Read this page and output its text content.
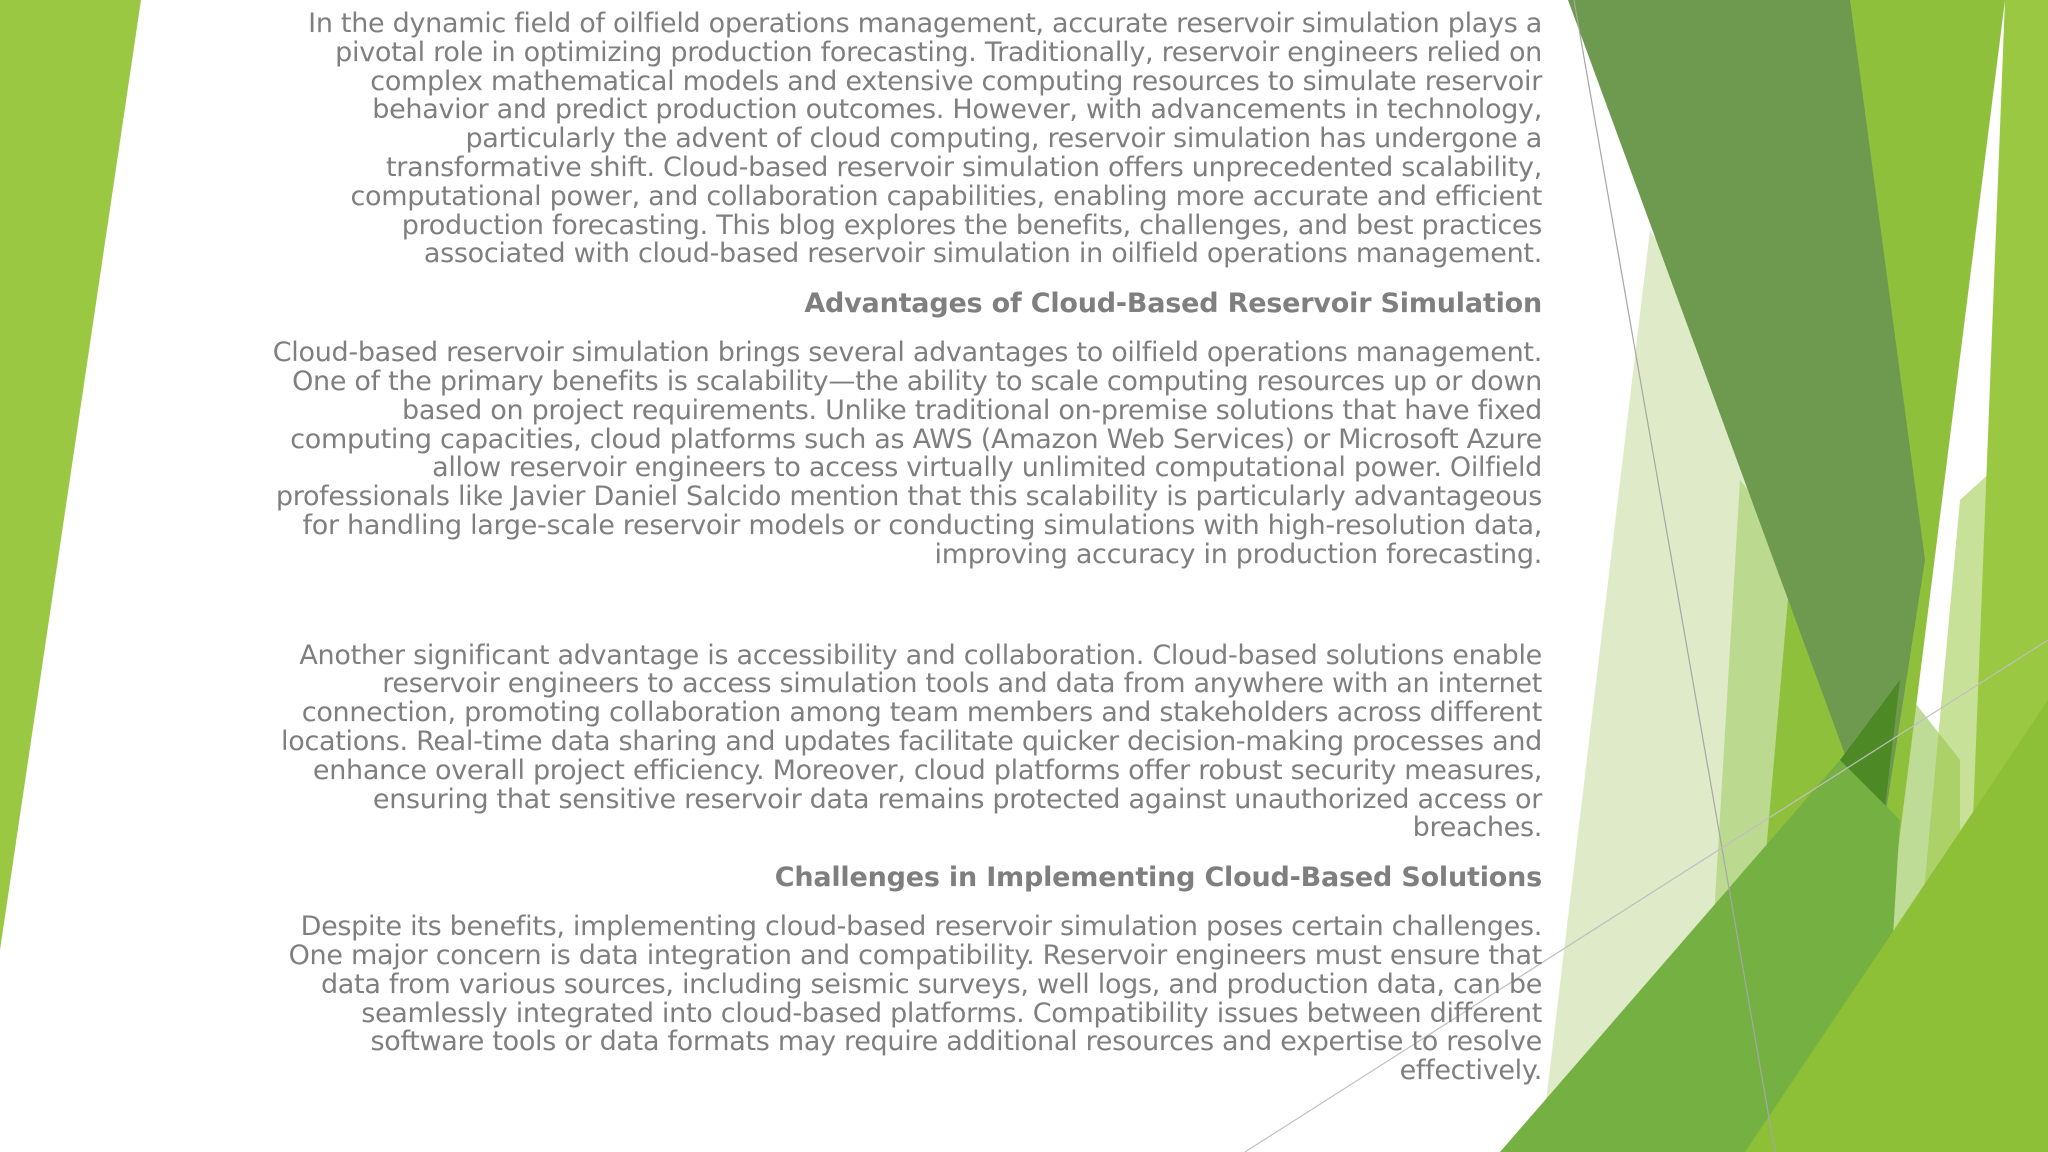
In the dynamic field of oilfield operations management, accurate reservoir simulation plays a pivotal role in optimizing production forecasting. Traditionally, reservoir engineers relied on complex mathematical models and extensive computing resources to simulate reservoir behavior and predict production outcomes. However, with advancements in technology, particularly the advent of cloud computing, reservoir simulation has undergone a transformative shift. Cloud-based reservoir simulation offers unprecedented scalability, computational power, and collaboration capabilities, enabling more accurate and efficient production forecasting. This blog explores the benefits, challenges, and best practices associated with cloud-based reservoir simulation in oilfield operations management.

Advantages of Cloud-Based Reservoir Simulation

Cloud-based reservoir simulation brings several advantages to oilfield operations management. One of the primary benefits is scalability—the ability to scale computing resources up or down based on project requirements. Unlike traditional on-premise solutions that have fixed computing capacities, cloud platforms such as AWS (Amazon Web Services) or Microsoft Azure allow reservoir engineers to access virtually unlimited computational power. Oilfield professionals like Javier Daniel Salcido mention that this scalability is particularly advantageous for handling large-scale reservoir models or conducting simulations with high-resolution data, improving accuracy in production forecasting.

Another significant advantage is accessibility and collaboration. Cloud-based solutions enable reservoir engineers to access simulation tools and data from anywhere with an internet connection, promoting collaboration among team members and stakeholders across different locations. Real-time data sharing and updates facilitate quicker decision-making processes and enhance overall project efficiency. Moreover, cloud platforms offer robust security measures, ensuring that sensitive reservoir data remains protected against unauthorized access or breaches.

Challenges in Implementing Cloud-Based Solutions

Despite its benefits, implementing cloud-based reservoir simulation poses certain challenges. One major concern is data integration and compatibility. Reservoir engineers must ensure that data from various sources, including seismic surveys, well logs, and production data, can be seamlessly integrated into cloud-based platforms. Compatibility issues between different software tools or data formats may require additional resources and expertise to resolve effectively.
